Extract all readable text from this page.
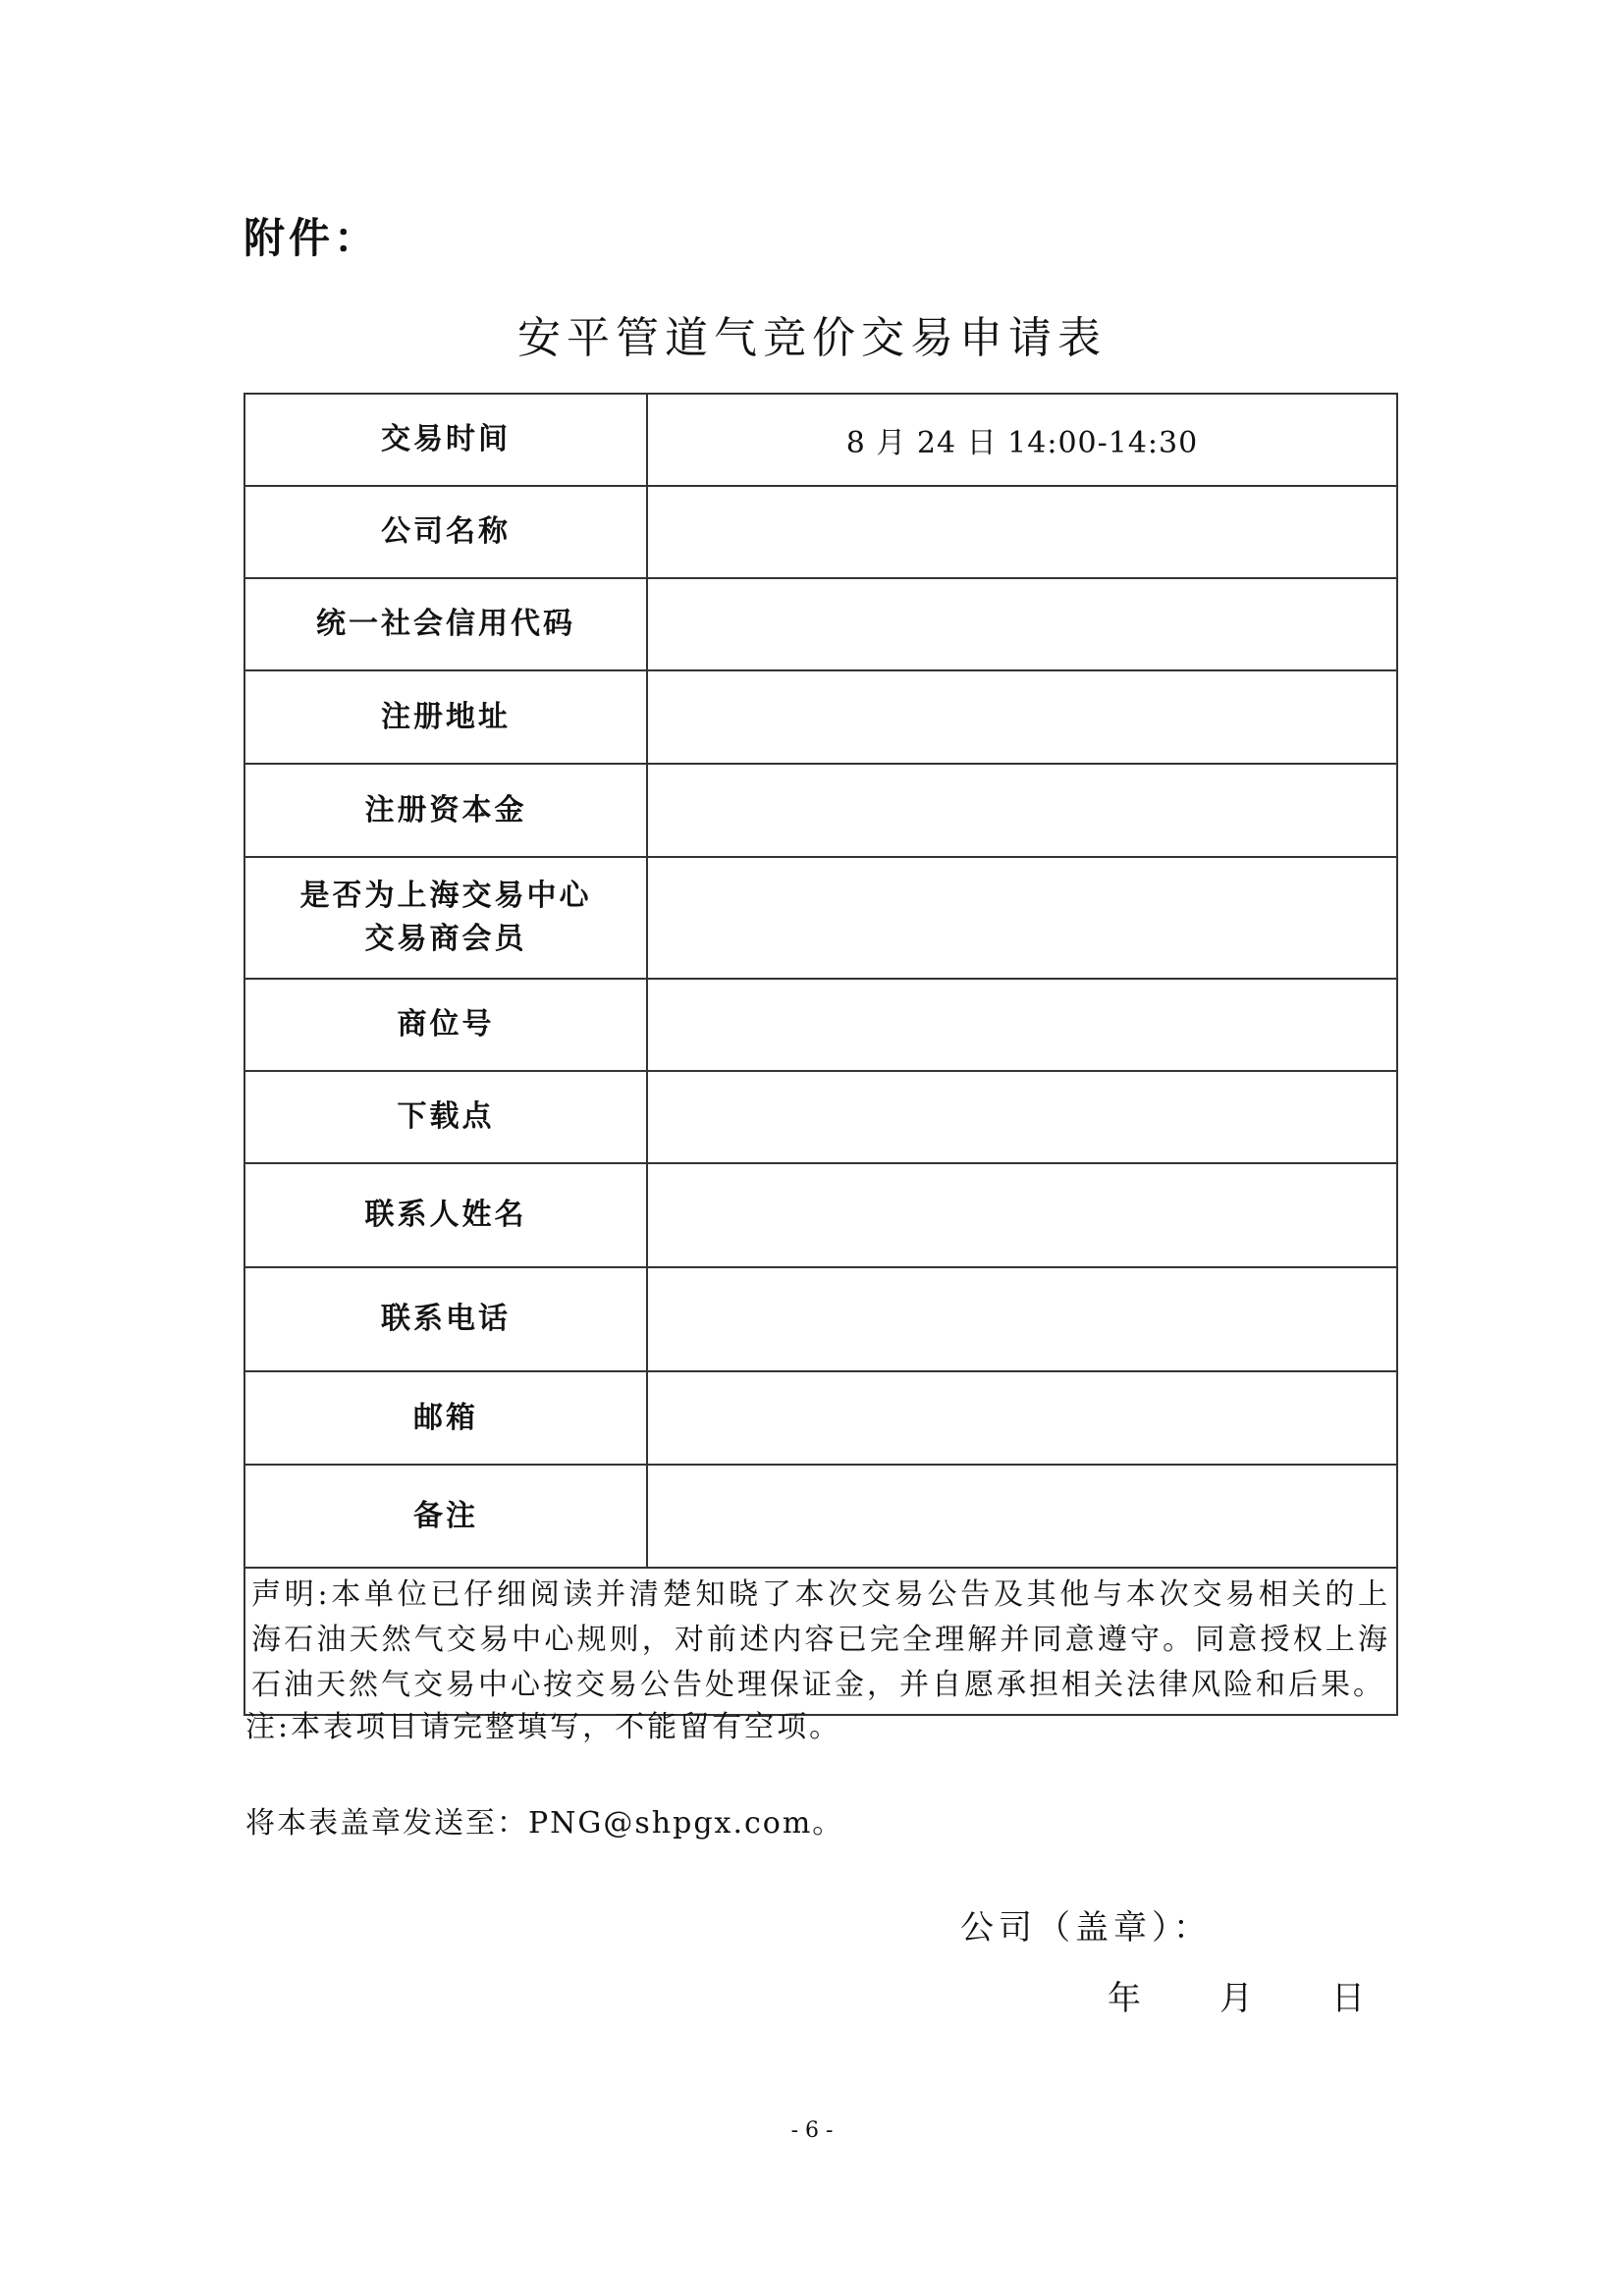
附件：
安平管道气竞价交易申请表
交易时间	8 月 24 日 14:00-14:30
公司名称	
统一社会信用代码	
注册地址	
注册资本金	

是否为上海交易中心
交易商会员	

商位号	
下载点	
联系人姓名	
联系电话	
邮箱	
备注	
声明:本单位已仔细阅读并清楚知晓了本次交易公告及其他与本次交易相关的上海石油天然气交易中心规则，对前述内容已完全理解并同意遵守。同意授权上海石油天然气交易中心按交易公告处理保证金，并自愿承担相关法律风险和后果。	
注:本表项目请完整填写，不能留有空项。
将本表盖章发送至：PNG@shpgx.com。
公司（盖章）：
年 月 日
- 6 -
